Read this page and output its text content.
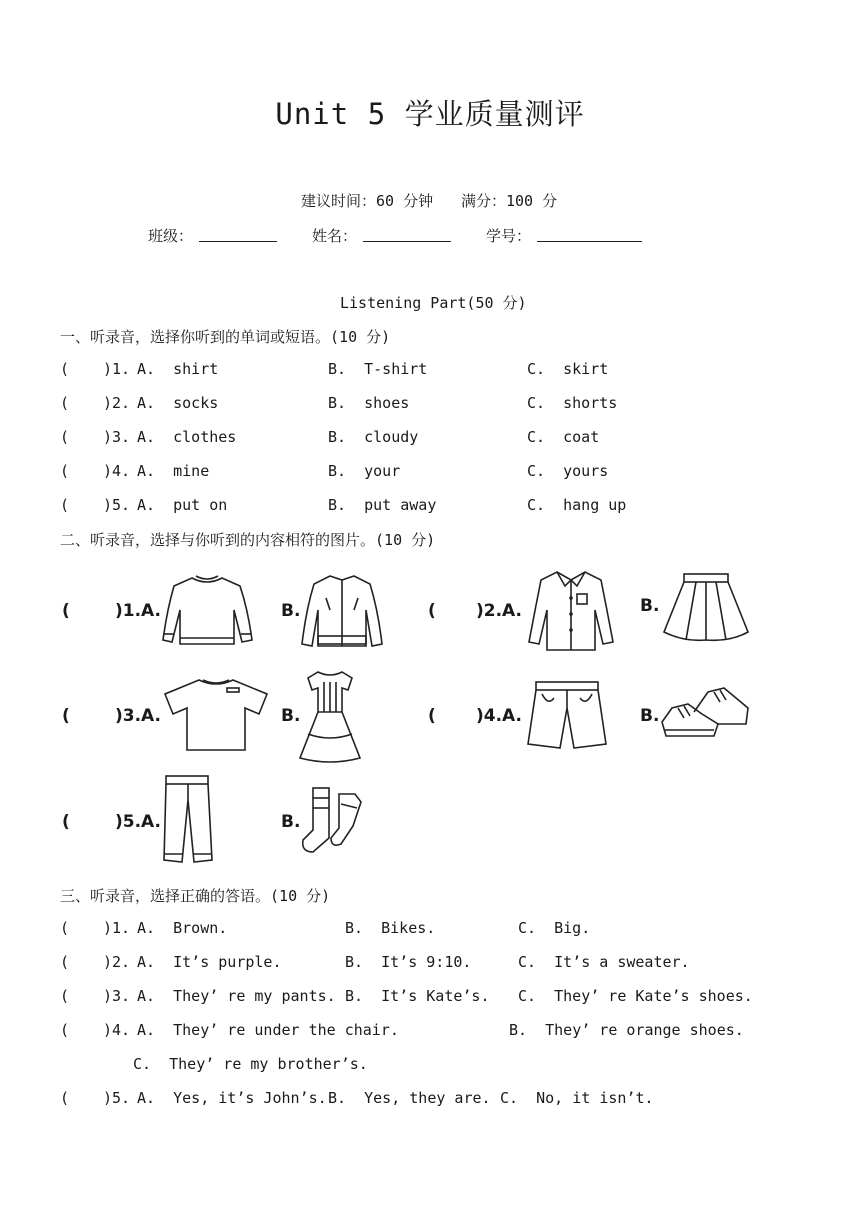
Unit 5 学业质量测评
建议时间：60 分钟 满分：100 分
班级：	姓名：	学号：
Listening Part(50 分)
一、听录音，选择你听到的单词或短语。(10 分)
( )1. A.  shirt	B.  T-shirt	C.  skirt
( )2. A.  socks	B.  shoes	C.  shorts
( )3. A.  clothes	B.  cloudy	C.  coat
( )4. A.  mine	B.  your	C.  yours
( )5. A.  put on	B.  put away	C.  hang up
二、听录音，选择与你听到的内容相符的图片。(10 分)
(	)1.A.	B.	( )2.A.	B.
(	)3.A.	B.	( )4.A.	B.
(	)5.A.	B.
三、听录音，选择正确的答语。(10 分)
( )1. A.  Brown.	B.  Bikes.	C.  Big.
( )2. A.  It’s purple.	B.  It’s 9:10.	C.  It’s a sweater.
( )3. A.  They’ re my pants. B.  It’s Kate’s. C.  They’ re Kate’s shoes.
( )4. A.  They’ re under the chair.	B.  They’ re orange shoes.
C.  They’ re my brother’s.
( )5. A.  Yes, it’s John’s. B.  Yes, they are. C.  No, it isn’t.
